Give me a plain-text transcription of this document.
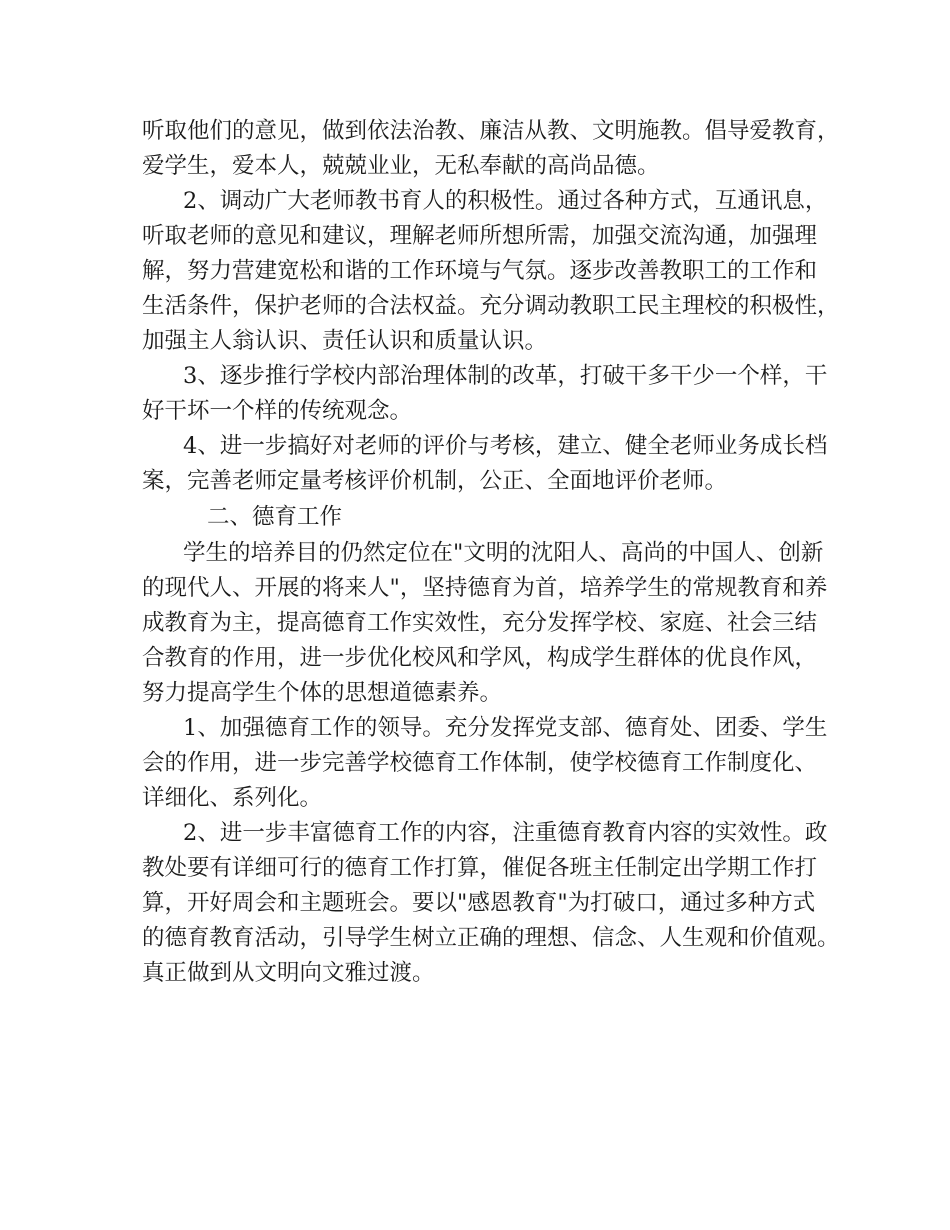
听取他们的意见，做到依法治教、廉洁从教、文明施教。倡导爱教育，
爱学生，爱本人，兢兢业业，无私奉献的高尚品德。
2、调动广大老师教书育人的积极性。通过各种方式，互通讯息，
听取老师的意见和建议，理解老师所想所需，加强交流沟通，加强理
解，努力营建宽松和谐的工作环境与气氛。逐步改善教职工的工作和
生活条件，保护老师的合法权益。充分调动教职工民主理校的积极性，
加强主人翁认识、责任认识和质量认识。
3、逐步推行学校内部治理体制的改革，打破干多干少一个样，干
好干坏一个样的传统观念。
4、进一步搞好对老师的评价与考核，建立、健全老师业务成长档
案，完善老师定量考核评价机制，公正、全面地评价老师。
二、德育工作
学生的培养目的仍然定位在"文明的沈阳人、高尚的中国人、创新
的现代人、开展的将来人"，坚持德育为首，培养学生的常规教育和养
成教育为主，提高德育工作实效性，充分发挥学校、家庭、社会三结
合教育的作用，进一步优化校风和学风，构成学生群体的优良作风，
努力提高学生个体的思想道德素养。
1、加强德育工作的领导。充分发挥党支部、德育处、团委、学生
会的作用，进一步完善学校德育工作体制，使学校德育工作制度化、
详细化、系列化。
2、进一步丰富德育工作的内容，注重德育教育内容的实效性。政
教处要有详细可行的德育工作打算，催促各班主任制定出学期工作打
算，开好周会和主题班会。要以"感恩教育"为打破口，通过多种方式
的德育教育活动，引导学生树立正确的理想、信念、人生观和价值观。
真正做到从文明向文雅过渡。
